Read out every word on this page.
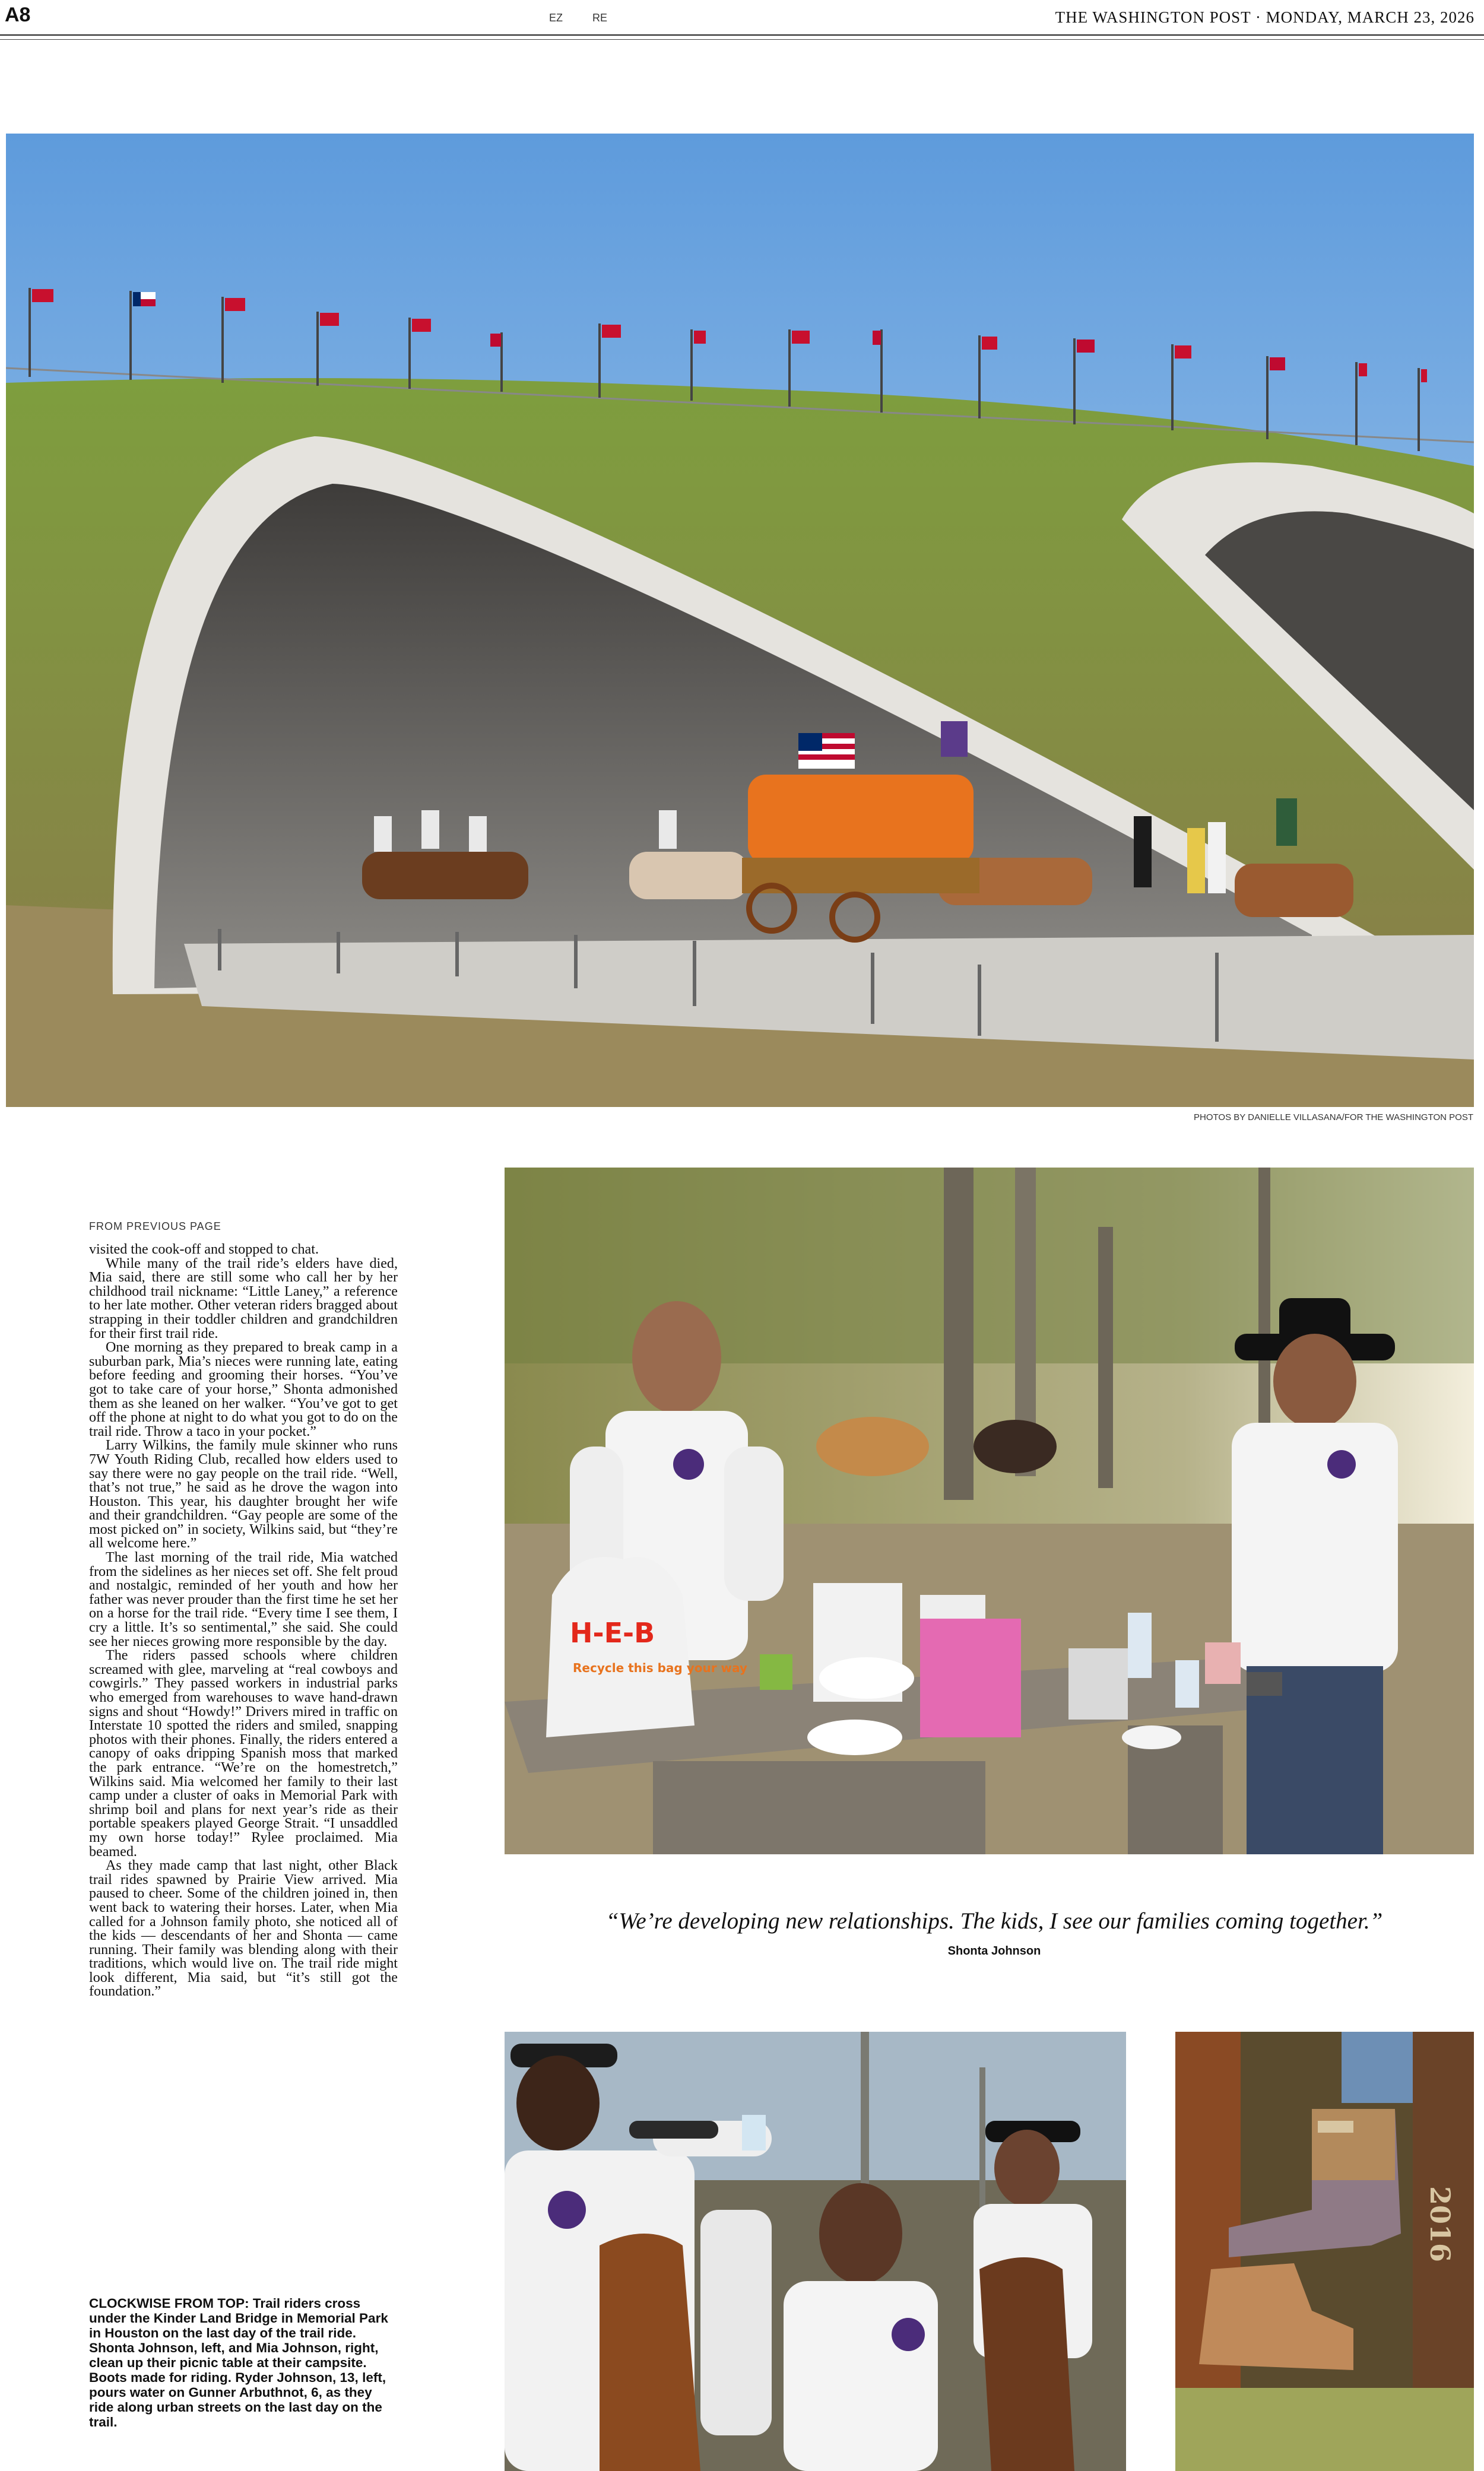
A8	EZ	RE	THE WASHINGTON POST · MONDAY, MARCH 23, 2026
PHOTOS BY DANIELLE VILLASANA/FOR THE WASHINGTON POST
H-E-B
Recycle this bag your way
2016
FROM PREVIOUS PAGE

visited the cook-off and stopped to chat.

While many of the trail ride’s elders have died, Mia said, there are still some who call her by her childhood trail nickname: “Little Laney,” a reference to her late mother. Other veteran riders bragged about strapping in their toddler children and grandchildren for their first trail ride.

One morning as they prepared to break camp in a suburban park, Mia’s nieces were running late, eating before feeding and grooming their horses. “You’ve got to take care of your horse,” Shonta admonished them as she leaned on her walker. “You’ve got to get off the phone at night to do what you got to do on the trail ride. Throw a taco in your pocket.”

Larry Wilkins, the family mule skinner who runs 7W Youth Riding Club, recalled how elders used to say there were no gay people on the trail ride. “Well, that’s not true,” he said as he drove the wagon into Houston. This year, his daughter brought her wife and their grandchildren. “Gay people are some of the most picked on” in society, Wilkins said, but “they’re all welcome here.”

The last morning of the trail ride, Mia watched from the sidelines as her nieces set off. She felt proud and nostalgic, reminded of her youth and how her father was never prouder than the first time he set her on a horse for the trail ride. “Every time I see them, I cry a little. It’s so sentimental,” she said. She could see her nieces growing more responsible by the day.

The riders passed schools where children screamed with glee, marveling at “real cowboys and cowgirls.” They passed workers in industrial parks who emerged from warehouses to wave hand-drawn signs and shout “Howdy!” Drivers mired in traffic on Interstate 10 spotted the riders and smiled, snapping photos with their phones. Finally, the riders entered a canopy of oaks dripping Spanish moss that marked the park entrance. “We’re on the homestretch,” Wilkins said. Mia welcomed her family to their last camp under a cluster of oaks in Memorial Park with shrimp boil and plans for next year’s ride as their portable speakers played George Strait. “I unsaddled my own horse today!” Rylee proclaimed. Mia beamed.

As they made camp that last night, other Black trail rides spawned by Prairie View arrived. Mia paused to cheer. Some of the children joined in, then went back to watering their horses. Later, when Mia called for a Johnson family photo, she noticed all of the kids — descendants of her and Shonta — came running. Their family was blending along with their traditions, which would live on. The trail ride might look different, Mia said, but “it’s still got the foundation.”

CLOCKWISE FROM TOP: Trail riders cross under the Kinder Land Bridge in Memorial Park in Houston on the last day of the trail ride. Shonta Johnson, left, and Mia Johnson, right, clean up their picnic table at their campsite. Boots made for riding. Ryder Johnson, 13, left, pours water on Gunner Arbuthnot, 6, as they ride along urban streets on the last day on the trail.
“We’re developing new relationships. The kids, I see our families coming together.”
Shonta Johnson
